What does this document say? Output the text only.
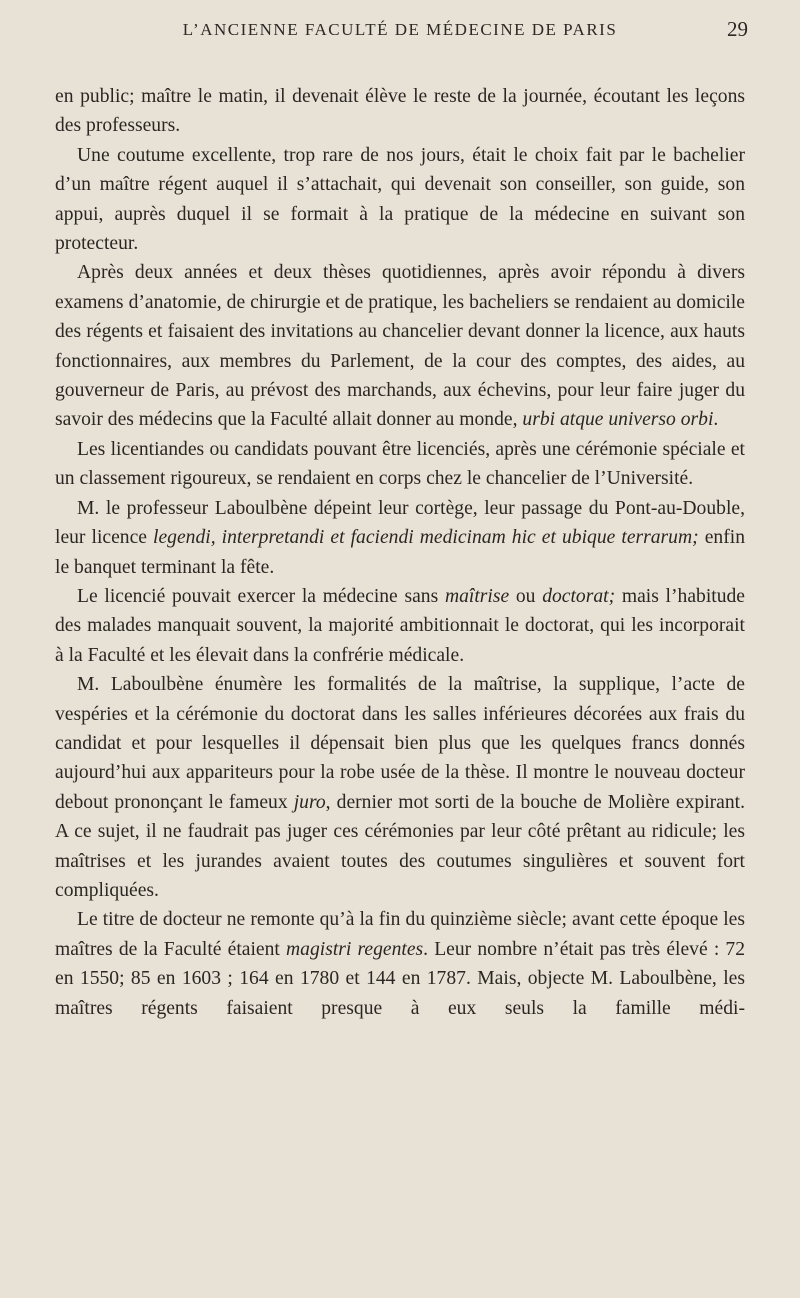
L’ANCIENNE FACULTÉ DE MÉDECINE DE PARIS	29

en public; maître le matin, il devenait élève le reste de la journée, écoutant les leçons des professeurs.

Une coutume excellente, trop rare de nos jours, était le choix fait par le bachelier d’un maître régent auquel il s’attachait, qui devenait son conseiller, son guide, son appui, auprès duquel il se formait à la pratique de la médecine en suivant son protecteur.

Après deux années et deux thèses quotidiennes, après avoir répondu à divers examens d’anatomie, de chirurgie et de pratique, les bacheliers se rendaient au domicile des régents et faisaient des invitations au chancelier devant donner la licence, aux hauts fonctionnaires, aux membres du Parlement, de la cour des comptes, des aides, au gouverneur de Paris, au prévost des marchands, aux échevins, pour leur faire juger du savoir des médecins que la Faculté allait donner au monde, urbi atque universo orbi.

Les licentiandes ou candidats pouvant être licenciés, après une cérémonie spéciale et un classement rigoureux, se rendaient en corps chez le chancelier de l’Université.

M. le professeur Laboulbène dépeint leur cortège, leur passage du Pont-au-Double, leur licence legendi, interpretandi et faciendi medicinam hic et ubique terrarum; enfin le banquet terminant la fête.

Le licencié pouvait exercer la médecine sans maîtrise ou doctorat; mais l’habitude des malades manquait souvent, la majorité ambitionnait le doctorat, qui les incorporait à la Faculté et les élevait dans la confrérie médicale.

M. Laboulbène énumère les formalités de la maîtrise, la supplique, l’acte de vespéries et la cérémonie du doctorat dans les salles inférieures décorées aux frais du candidat et pour lesquelles il dépensait bien plus que les quelques francs donnés aujourd’hui aux appariteurs pour la robe usée de la thèse. Il montre le nouveau docteur debout prononçant le fameux juro, dernier mot sorti de la bouche de Molière expirant. A ce sujet, il ne faudrait pas juger ces cérémonies par leur côté prêtant au ridicule; les maîtrises et les jurandes avaient toutes des coutumes singulières et souvent fort compliquées.

Le titre de docteur ne remonte qu’à la fin du quinzième siècle; avant cette époque les maîtres de la Faculté étaient magistri regentes. Leur nombre n’était pas très élevé : 72 en 1550; 85 en 1603 ; 164 en 1780 et 144 en 1787. Mais, objecte M. Laboulbène, les maîtres régents faisaient presque à eux seuls la famille médi-
